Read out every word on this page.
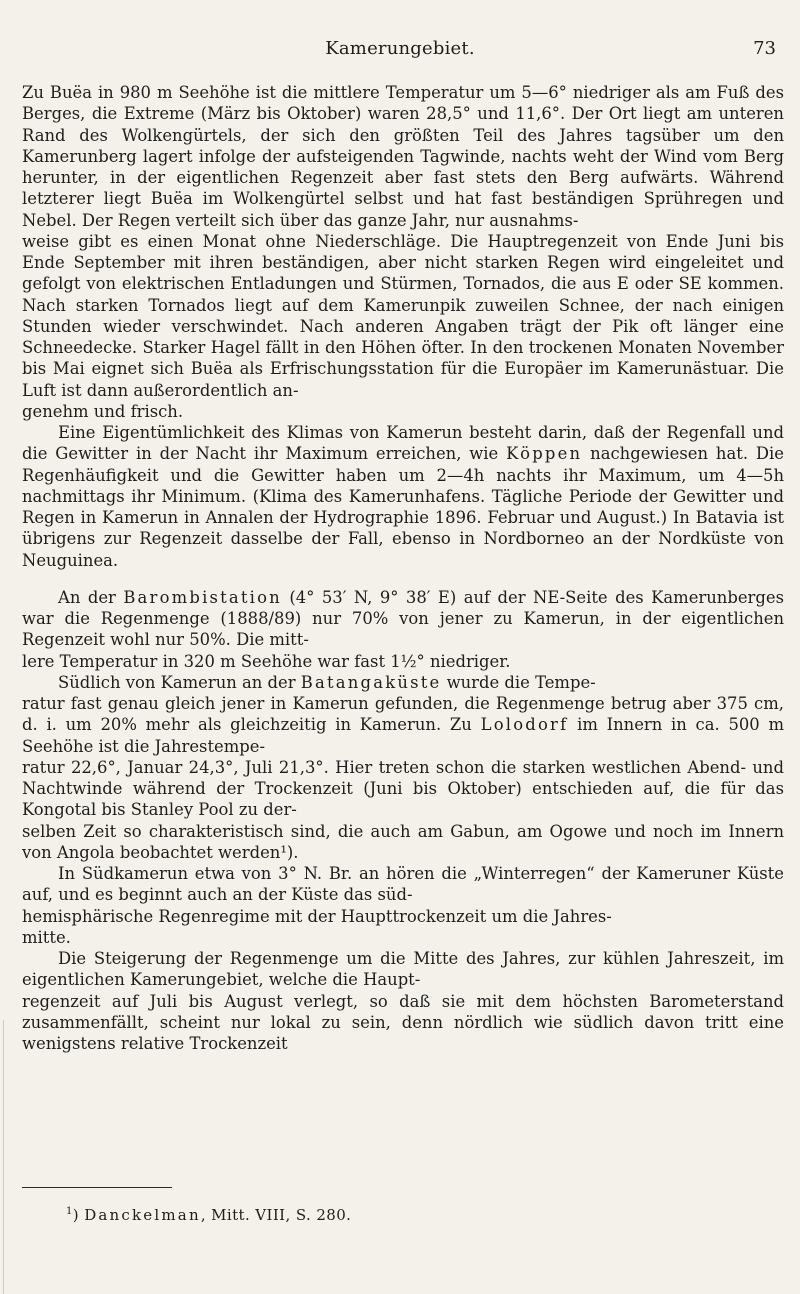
Kamerungebiet.	73

Zu Buëa in 980 m Seehöhe ist die mittlere Temperatur um 5—6° niedriger als am Fuß des Berges, die Extreme (März bis Oktober) waren 28,5° und 11,6°. Der Ort liegt am unteren Rand des Wolkengürtels, der sich den größten Teil des Jahres tagsüber um den Kamerunberg lagert infolge der aufsteigenden Tagwinde, nachts weht der Wind vom Berg herunter, in der eigentlichen Regenzeit aber fast stets den Berg aufwärts. Während letzterer liegt Buëa im Wolkengürtel selbst und hat fast beständigen Sprühregen und Nebel. Der Regen verteilt sich über das ganze Jahr, nur ausnahms-
weise gibt es einen Monat ohne Niederschläge. Die Hauptregenzeit von Ende Juni bis Ende September mit ihren beständigen, aber nicht starken Regen wird eingeleitet und gefolgt von elektrischen Entladungen und Stürmen, Tornados, die aus E oder SE kommen. Nach starken Tornados liegt auf dem Kamerunpik zuweilen Schnee, der nach einigen Stunden wieder verschwindet. Nach anderen Angaben trägt der Pik oft länger eine Schneedecke. Starker Hagel fällt in den Höhen öfter. In den trockenen Monaten November bis Mai eignet sich Buëa als Erfrischungsstation für die Europäer im Kamerunästuar. Die Luft ist dann außerordentlich an-
genehm und frisch.

Eine Eigentümlichkeit des Klimas von Kamerun besteht darin, daß der Regenfall und die Gewitter in der Nacht ihr Maximum erreichen, wie Köppen nachgewiesen hat. Die Regenhäufigkeit und die Gewitter haben um 2—4h nachts ihr Maximum, um 4—5h nachmittags ihr Minimum. (Klima des Kamerunhafens. Tägliche Periode der Gewitter und Regen in Kamerun in Annalen der Hydrographie 1896. Februar und August.) In Batavia ist übrigens zur Regenzeit dasselbe der Fall, ebenso in Nordborneo an der Nordküste von Neuguinea.

An der Barombistation (4° 53′ N, 9° 38′ E) auf der NE-Seite des Kamerunberges war die Regenmenge (1888/89) nur 70% von jener zu Kamerun, in der eigentlichen Regenzeit wohl nur 50%. Die mitt-
lere Temperatur in 320 m Seehöhe war fast 1½° niedriger.

Südlich von Kamerun an der Batangaküste wurde die Tempe-
ratur fast genau gleich jener in Kamerun gefunden, die Regenmenge betrug aber 375 cm, d. i. um 20% mehr als gleichzeitig in Kamerun. Zu Lolodorf im Innern in ca. 500 m Seehöhe ist die Jahrestempe-
ratur 22,6°, Januar 24,3°, Juli 21,3°. Hier treten schon die starken westlichen Abend- und Nachtwinde während der Trockenzeit (Juni bis Oktober) entschieden auf, die für das Kongotal bis Stanley Pool zu der-
selben Zeit so charakteristisch sind, die auch am Gabun, am Ogowe und noch im Innern von Angola beobachtet werden¹).

In Südkamerun etwa von 3° N. Br. an hören die „Winterregen“ der Kameruner Küste auf, und es beginnt auch an der Küste das süd-
hemisphärische Regenregime mit der Haupttrockenzeit um die Jahres-
mitte.

Die Steigerung der Regenmenge um die Mitte des Jahres, zur kühlen Jahreszeit, im eigentlichen Kamerungebiet, welche die Haupt-
regenzeit auf Juli bis August verlegt, so daß sie mit dem höchsten Barometerstand zusammenfällt, scheint nur lokal zu sein, denn nördlich wie südlich davon tritt eine wenigstens relative Trockenzeit

$^1$) Danckelman, Mitt. VIII, S. 280.
